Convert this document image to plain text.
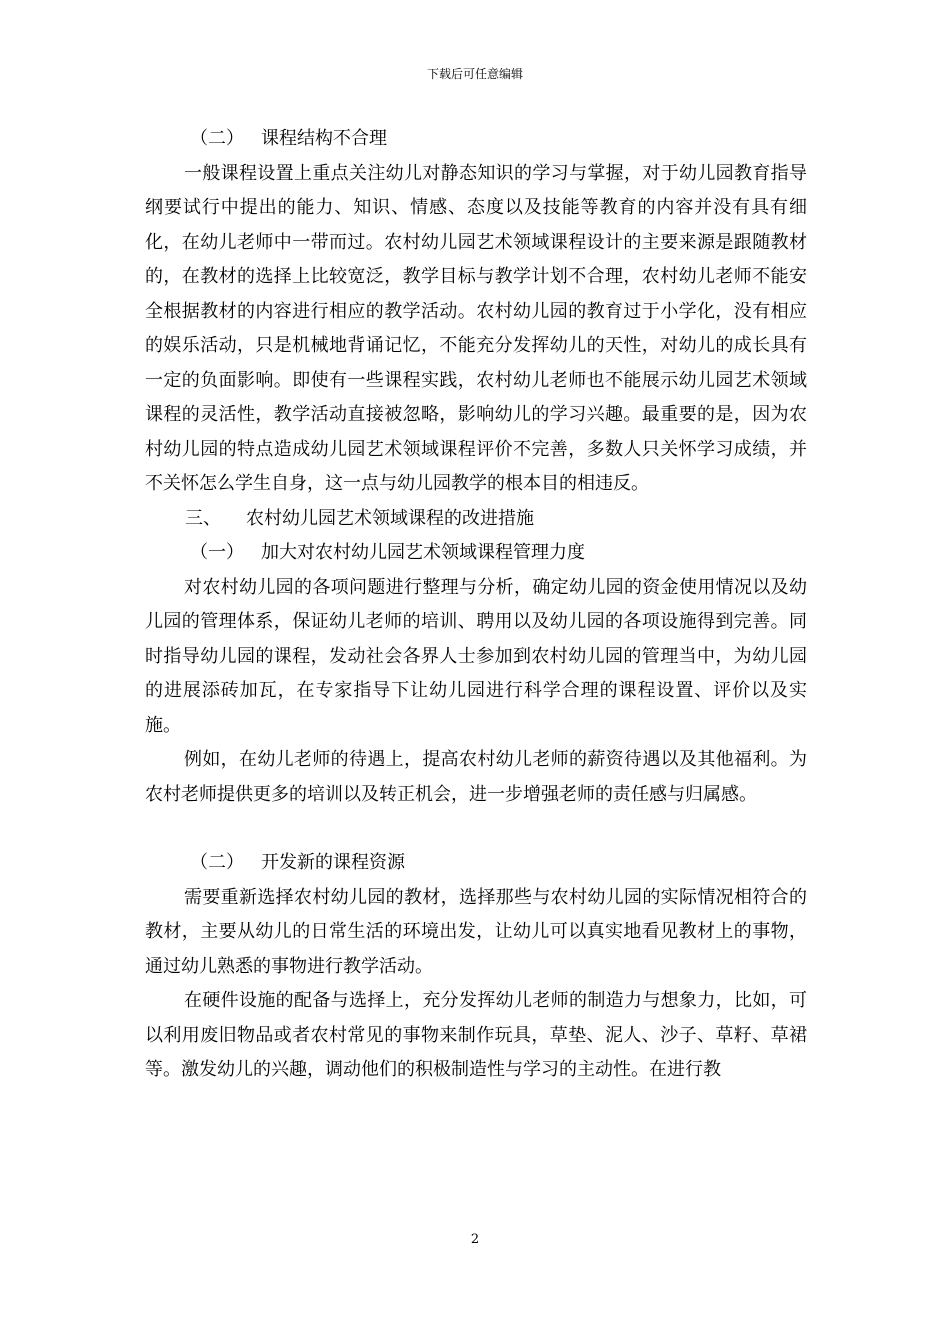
下载后可任意编辑
（二） 课程结构不合理

一般课程设置上重点关注幼儿对静态知识的学习与掌握，对于幼儿园教育指导纲要试行中提出的能力、知识、情感、态度以及技能等教育的内容并没有具有细化，在幼儿老师中一带而过。农村幼儿园艺术领域课程设计的主要来源是跟随教材的，在教材的选择上比较宽泛，教学目标与教学计划不合理，农村幼儿老师不能安全根据教材的内容进行相应的教学活动。农村幼儿园的教育过于小学化，没有相应的娱乐活动，只是机械地背诵记忆，不能充分发挥幼儿的天性，对幼儿的成长具有一定的负面影响。即使有一些课程实践，农村幼儿老师也不能展示幼儿园艺术领域课程的灵活性，教学活动直接被忽略，影响幼儿的学习兴趣。最重要的是，因为农村幼儿园的特点造成幼儿园艺术领域课程评价不完善，多数人只关怀学习成绩，并不关怀怎么学生自身，这一点与幼儿园教学的根本目的相违反。

三、 农村幼儿园艺术领域课程的改进措施
（一） 加大对农村幼儿园艺术领域课程管理力度

对农村幼儿园的各项问题进行整理与分析，确定幼儿园的资金使用情况以及幼儿园的管理体系，保证幼儿老师的培训、聘用以及幼儿园的各项设施得到完善。同时指导幼儿园的课程，发动社会各界人士参加到农村幼儿园的管理当中，为幼儿园的进展添砖加瓦，在专家指导下让幼儿园进行科学合理的课程设置、评价以及实施。

例如，在幼儿老师的待遇上，提高农村幼儿老师的薪资待遇以及其他福利。为农村老师提供更多的培训以及转正机会，进一步增强老师的责任感与归属感。

（二） 开发新的课程资源

需要重新选择农村幼儿园的教材，选择那些与农村幼儿园的实际情况相符合的教材，主要从幼儿的日常生活的环境出发，让幼儿可以真实地看见教材上的事物，通过幼儿熟悉的事物进行教学活动。

在硬件设施的配备与选择上，充分发挥幼儿老师的制造力与想象力，比如，可以利用废旧物品或者农村常见的事物来制作玩具，草垫、泥人、沙子、草籽、草裙等。激发幼儿的兴趣，调动他们的积极制造性与学习的主动性。在进行教

2
